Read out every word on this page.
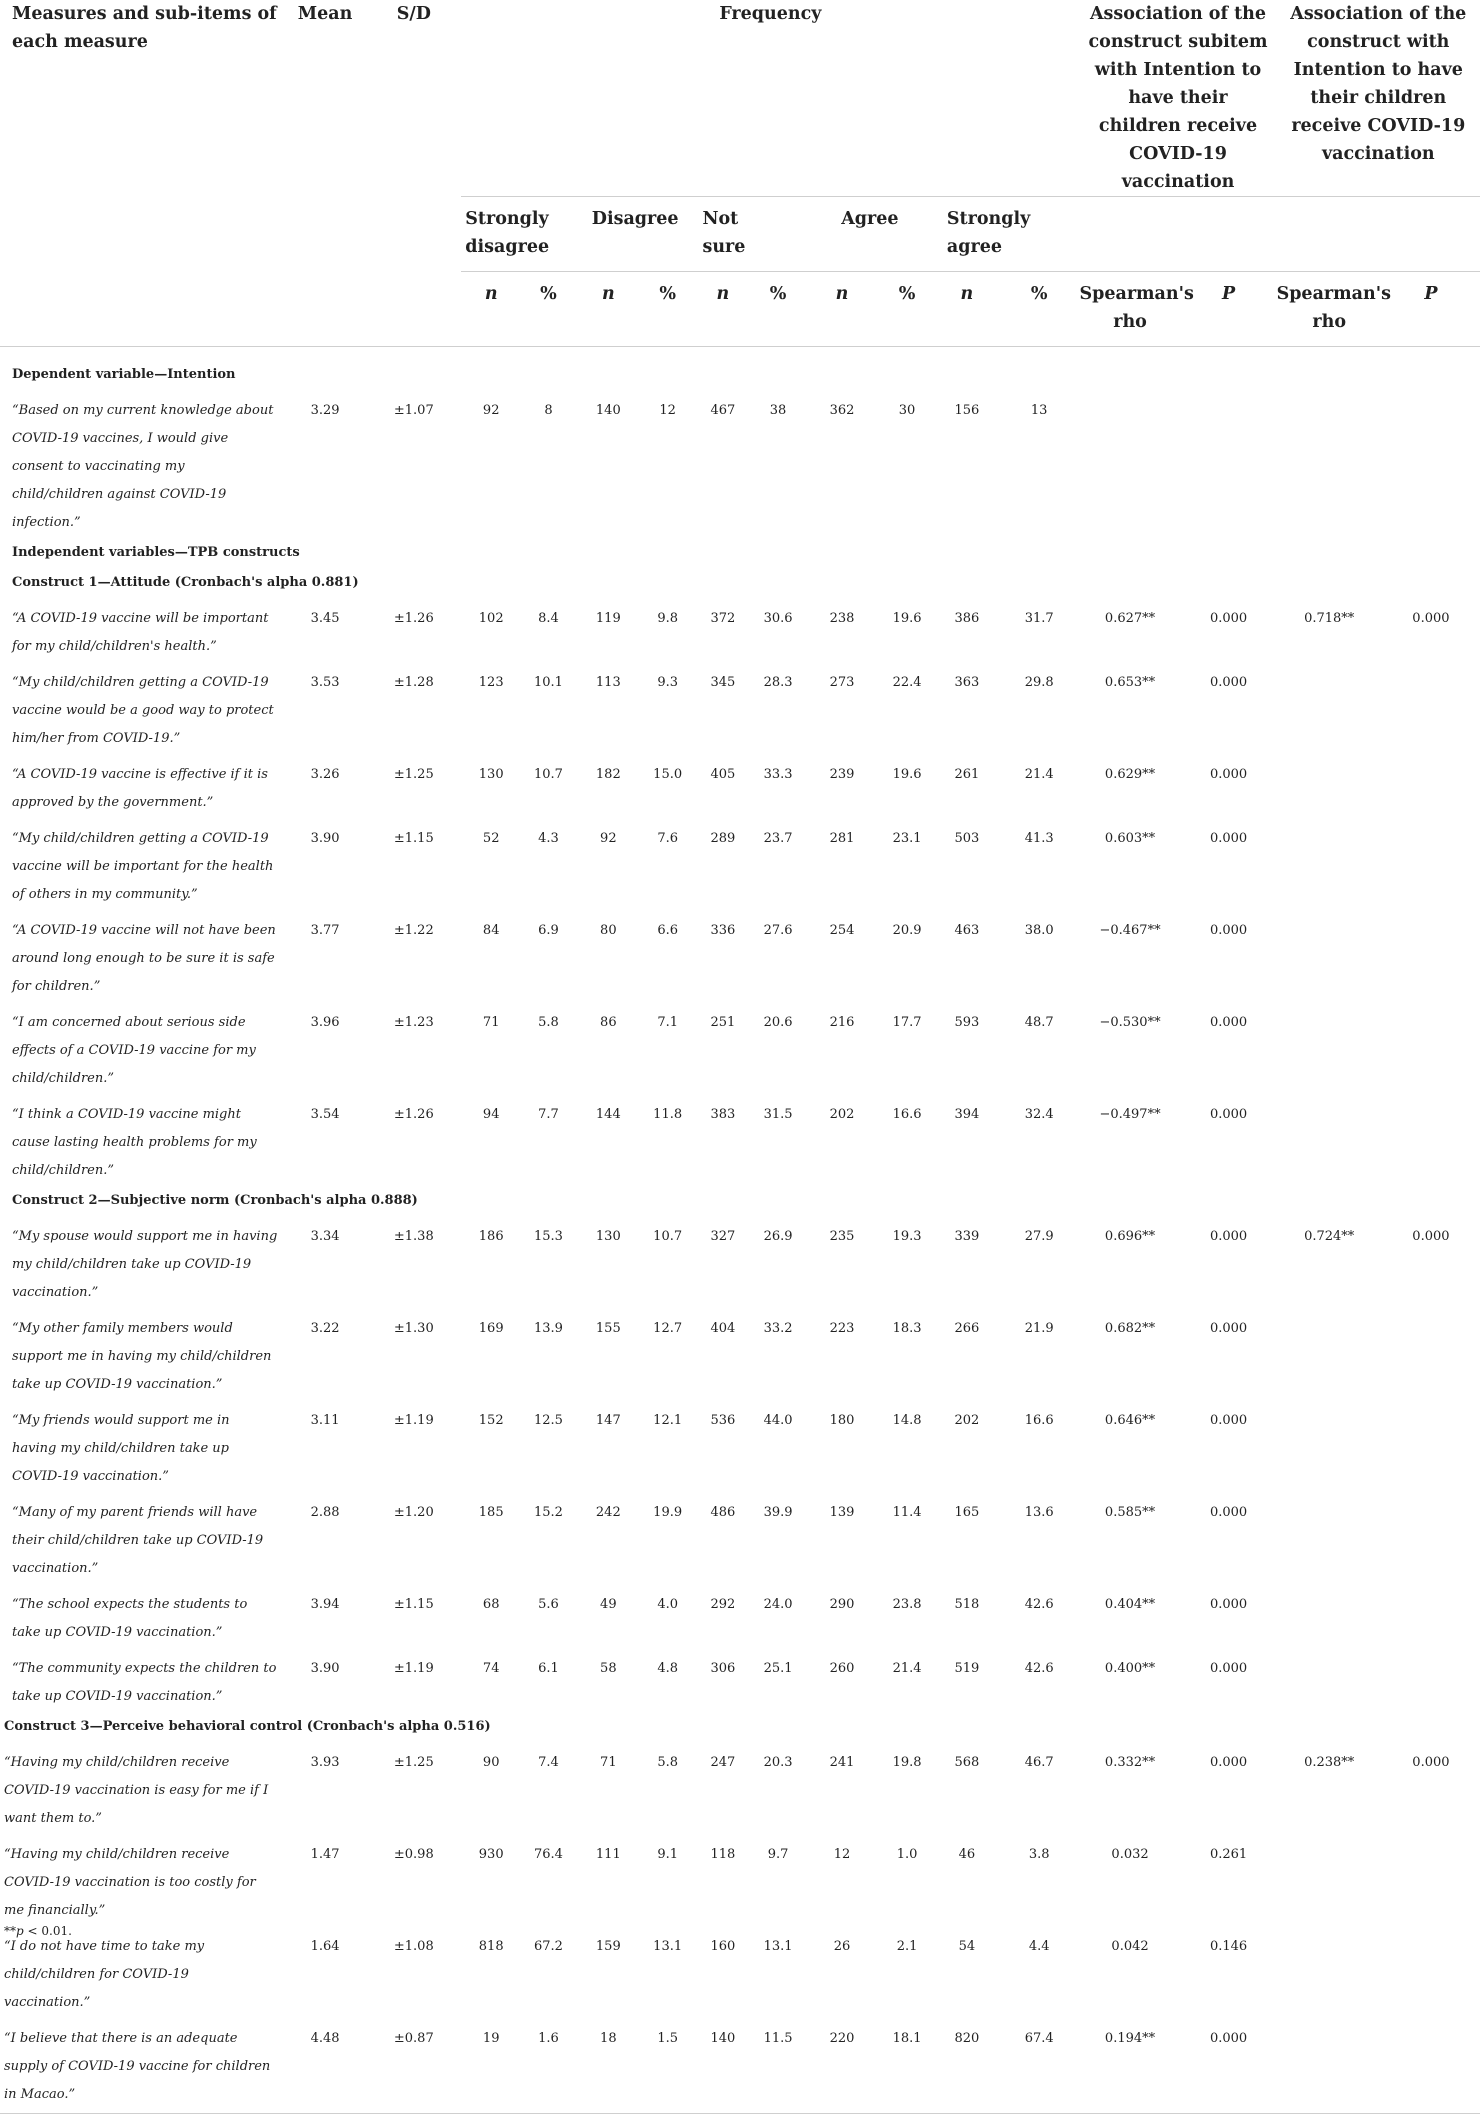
Measures and sub-items of each measure	Mean	S/D	Frequency										Association of the construct subitem with Intention to have their children receive COVID-19 vaccination		Association of the construct with Intention to have their children receive COVID-19 vaccination	
			Strongly disagree		Disagree		Not sure		Agree		Strongly agree					

			n	%	n	%	n	%	n	%	n	%	Spearman's rho	P	Spearman's rho	P
Dependent variable—Intention																
“Based on my current knowledge about COVID-19 vaccines, I would give consent to vaccinating my child/children against COVID-19 infection.”	3.29	±1.07	92	8	140	12	467	38	362	30	156	13				
Independent variables—TPB constructs																
Construct 1—Attitude (Cronbach's alpha 0.881)																
“A COVID-19 vaccine will be important for my child/children's health.”	3.45	±1.26	102	8.4	119	9.8	372	30.6	238	19.6	386	31.7	0.627**	0.000	0.718**	0.000
“My child/children getting a COVID-19 vaccine would be a good way to protect him/her from COVID-19.”	3.53	±1.28	123	10.1	113	9.3	345	28.3	273	22.4	363	29.8	0.653**	0.000		
“A COVID-19 vaccine is effective if it is approved by the government.”	3.26	±1.25	130	10.7	182	15.0	405	33.3	239	19.6	261	21.4	0.629**	0.000		
“My child/children getting a COVID-19 vaccine will be important for the health of others in my community.”	3.90	±1.15	52	4.3	92	7.6	289	23.7	281	23.1	503	41.3	0.603**	0.000		
“A COVID-19 vaccine will not have been around long enough to be sure it is safe for children.”	3.77	±1.22	84	6.9	80	6.6	336	27.6	254	20.9	463	38.0	−0.467**	0.000		
“I am concerned about serious side effects of a COVID-19 vaccine for my child/children.”	3.96	±1.23	71	5.8	86	7.1	251	20.6	216	17.7	593	48.7	−0.530**	0.000		
“I think a COVID-19 vaccine might cause lasting health problems for my child/children.”	3.54	±1.26	94	7.7	144	11.8	383	31.5	202	16.6	394	32.4	−0.497**	0.000		
Construct 2—Subjective norm (Cronbach's alpha 0.888)																
“My spouse would support me in having my child/children take up COVID-19 vaccination.”	3.34	±1.38	186	15.3	130	10.7	327	26.9	235	19.3	339	27.9	0.696**	0.000	0.724**	0.000
“My other family members would support me in having my child/children take up COVID-19 vaccination.”	3.22	±1.30	169	13.9	155	12.7	404	33.2	223	18.3	266	21.9	0.682**	0.000		
“My friends would support me in having my child/children take up COVID-19 vaccination.”	3.11	±1.19	152	12.5	147	12.1	536	44.0	180	14.8	202	16.6	0.646**	0.000		
“Many of my parent friends will have their child/children take up COVID-19 vaccination.”	2.88	±1.20	185	15.2	242	19.9	486	39.9	139	11.4	165	13.6	0.585**	0.000		
“The school expects the students to take up COVID-19 vaccination.”	3.94	±1.15	68	5.6	49	4.0	292	24.0	290	23.8	518	42.6	0.404**	0.000		
“The community expects the children to take up COVID-19 vaccination.”	3.90	±1.19	74	6.1	58	4.8	306	25.1	260	21.4	519	42.6	0.400**	0.000		
Construct 3—Perceive behavioral control (Cronbach's alpha 0.516)																
“Having my child/children receive COVID-19 vaccination is easy for me if I want them to.”	3.93	±1.25	90	7.4	71	5.8	247	20.3	241	19.8	568	46.7	0.332**	0.000	0.238**	0.000
“Having my child/children receive COVID-19 vaccination is too costly for me financially.”	1.47	±0.98	930	76.4	111	9.1	118	9.7	12	1.0	46	3.8	0.032	0.261		
“I do not have time to take my child/children for COVID-19 vaccination.”	1.64	±1.08	818	67.2	159	13.1	160	13.1	26	2.1	54	4.4	0.042	0.146		
“I believe that there is an adequate supply of COVID-19 vaccine for children in Macao.”	4.48	±0.87	19	1.6	18	1.5	140	11.5	220	18.1	820	67.4	0.194**	0.000		

**p < 0.01.
